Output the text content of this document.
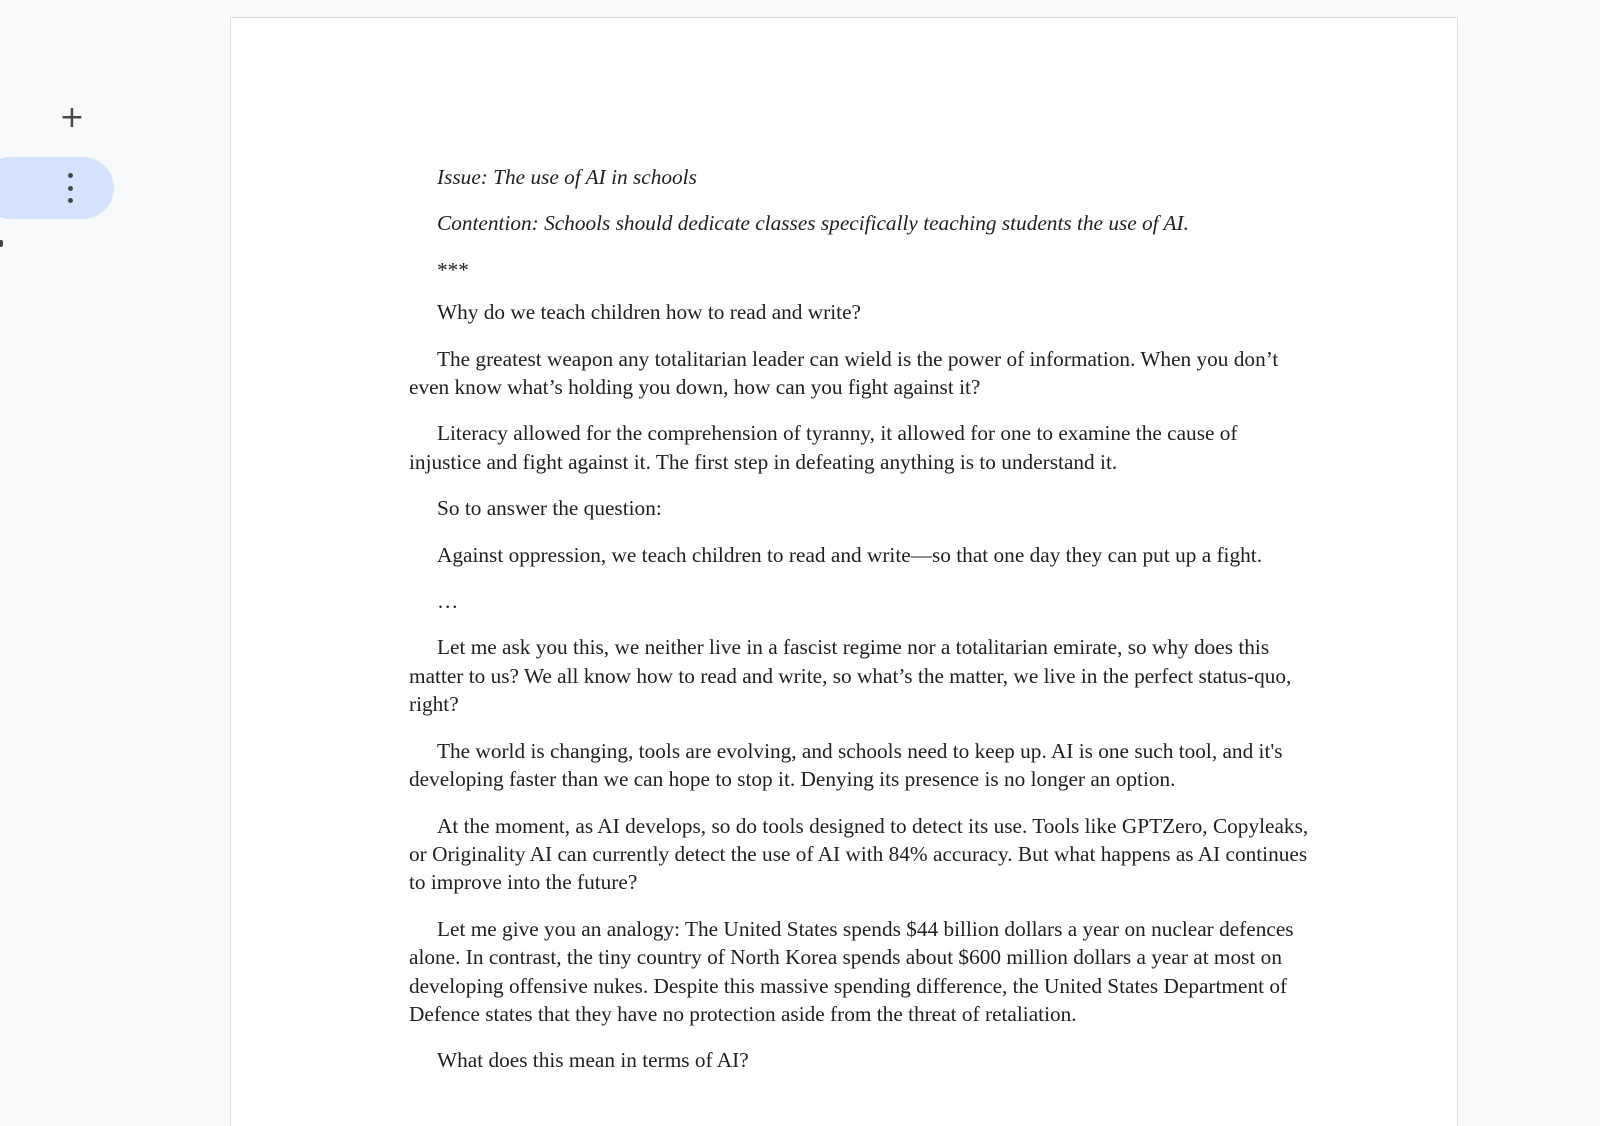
+

Issue: The use of AI in schools

Contention: Schools should dedicate classes specifically teaching students the use of AI.

***

Why do we teach children how to read and write?

The greatest weapon any totalitarian leader can wield is the power of information. When you don’t even know what’s holding you down, how can you fight against it?

Literacy allowed for the comprehension of tyranny, it allowed for one to examine the cause of injustice and fight against it. The first step in defeating anything is to understand it.

So to answer the question:

Against oppression, we teach children to read and write—so that one day they can put up a fight.

…

Let me ask you this, we neither live in a fascist regime nor a totalitarian emirate, so why does this matter to us? We all know how to read and write, so what’s the matter, we live in the perfect status-quo, right?

The world is changing, tools are evolving, and schools need to keep up. AI is one such tool, and it's developing faster than we can hope to stop it. Denying its presence is no longer an option.

At the moment, as AI develops, so do tools designed to detect its use. Tools like GPTZero, Copyleaks, or Originality AI can currently detect the use of AI with 84% accuracy. But what happens as AI continues to improve into the future?

Let me give you an analogy: The United States spends $44 billion dollars a year on nuclear defences alone. In contrast, the tiny country of North Korea spends about $600 million dollars a year at most on developing offensive nukes. Despite this massive spending difference, the United States Department of Defence states that they have no protection aside from the threat of retaliation.

What does this mean in terms of AI?
